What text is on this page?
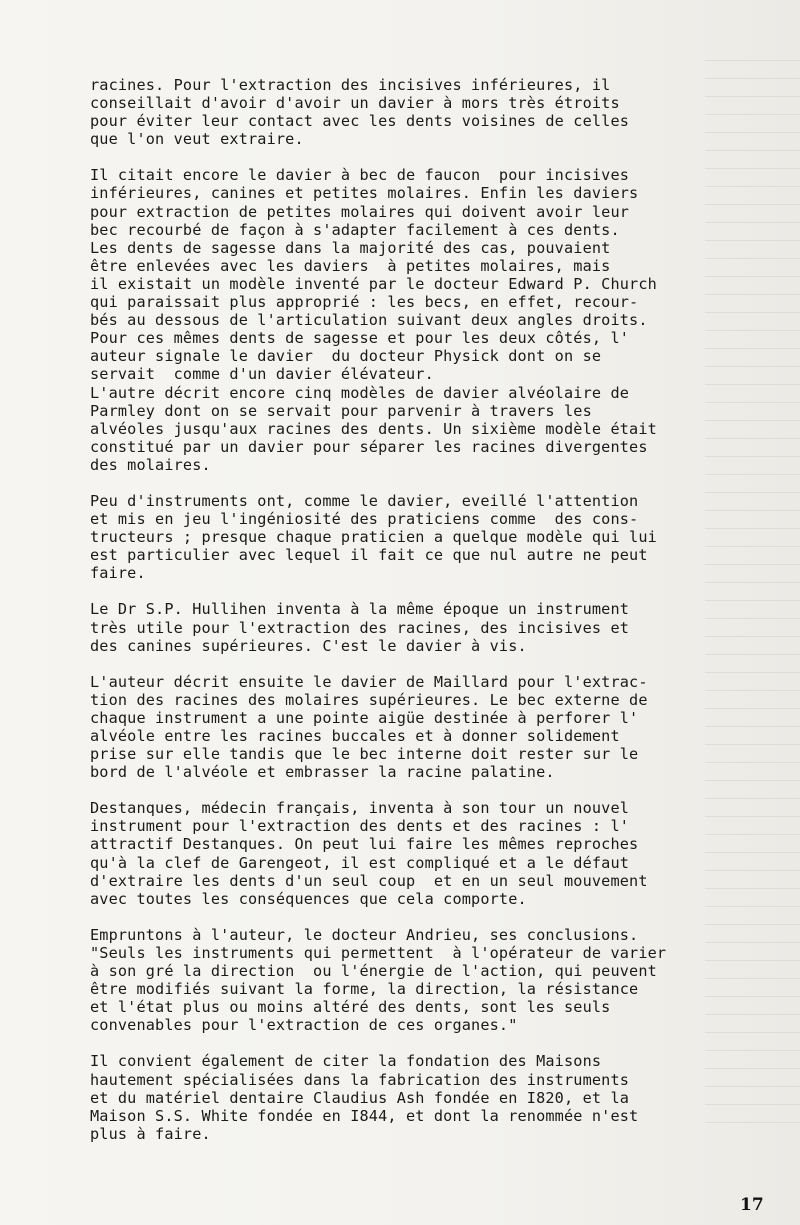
racines. Pour l'extraction des incisives inférieures, il
conseillait d'avoir d'avoir un davier à mors très étroits
pour éviter leur contact avec les dents voisines de celles
que l'on veut extraire.
Il citait encore le davier à bec de faucon  pour incisives
inférieures, canines et petites molaires. Enfin les daviers
pour extraction de petites molaires qui doivent avoir leur
bec recourbé de façon à s'adapter facilement à ces dents.
Les dents de sagesse dans la majorité des cas, pouvaient
être enlevées avec les daviers  à petites molaires, mais
il existait un modèle inventé par le docteur Edward P. Church
qui paraissait plus approprié : les becs, en effet, recour-
bés au dessous de l'articulation suivant deux angles droits.
Pour ces mêmes dents de sagesse et pour les deux côtés, l'
auteur signale le davier  du docteur Physick dont on se
servait  comme d'un davier élévateur.
L'autre décrit encore cinq modèles de davier alvéolaire de
Parmley dont on se servait pour parvenir à travers les
alvéoles jusqu'aux racines des dents. Un sixième modèle était
constitué par un davier pour séparer les racines divergentes
des molaires.
Peu d'instruments ont, comme le davier, eveillé l'attention
et mis en jeu l'ingéniosité des praticiens comme  des cons-
tructeurs ; presque chaque praticien a quelque modèle qui lui
est particulier avec lequel il fait ce que nul autre ne peut
faire.
Le Dr S.P. Hullihen inventa à la même époque un instrument
très utile pour l'extraction des racines, des incisives et
des canines supérieures. C'est le davier à vis.
L'auteur décrit ensuite le davier de Maillard pour l'extrac-
tion des racines des molaires supérieures. Le bec externe de
chaque instrument a une pointe aigüe destinée à perforer l'
alvéole entre les racines buccales et à donner solidement
prise sur elle tandis que le bec interne doit rester sur le
bord de l'alvéole et embrasser la racine palatine.
Destanques, médecin français, inventa à son tour un nouvel
instrument pour l'extraction des dents et des racines : l'
attractif Destanques. On peut lui faire les mêmes reproches
qu'à la clef de Garengeot, il est compliqué et a le défaut
d'extraire les dents d'un seul coup  et en un seul mouvement
avec toutes les conséquences que cela comporte.
Empruntons à l'auteur, le docteur Andrieu, ses conclusions.
"Seuls les instruments qui permettent  à l'opérateur de varier
à son gré la direction  ou l'énergie de l'action, qui peuvent
être modifiés suivant la forme, la direction, la résistance
et l'état plus ou moins altéré des dents, sont les seuls
convenables pour l'extraction de ces organes."
Il convient également de citer la fondation des Maisons
hautement spécialisées dans la fabrication des instruments
et du matériel dentaire Claudius Ash fondée en I820, et la
Maison S.S. White fondée en I844, et dont la renommée n'est
plus à faire.
17
